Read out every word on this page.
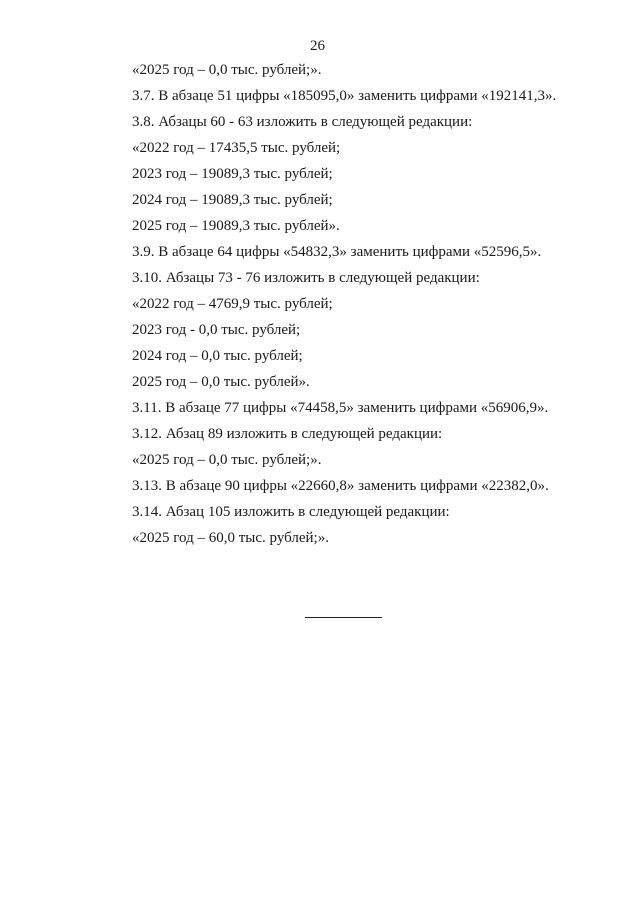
26
«2025 год – 0,0 тыс. рублей;».
3.7. В абзаце 51 цифры «185095,0» заменить цифрами «192141,3».
3.8. Абзацы 60 - 63 изложить в следующей редакции:
«2022 год – 17435,5 тыс. рублей;
2023 год – 19089,3 тыс. рублей;
2024 год – 19089,3 тыс. рублей;
2025 год – 19089,3 тыс. рублей».
3.9. В абзаце 64 цифры «54832,3» заменить цифрами «52596,5».
3.10. Абзацы 73 - 76 изложить в следующей редакции:
«2022 год – 4769,9 тыс. рублей;
2023 год - 0,0 тыс. рублей;
2024 год – 0,0 тыс. рублей;
2025 год – 0,0 тыс. рублей».
3.11. В абзаце 77 цифры «74458,5» заменить цифрами «56906,9».
3.12. Абзац 89 изложить в следующей редакции:
«2025 год – 0,0 тыс. рублей;».
3.13. В абзаце 90 цифры «22660,8» заменить цифрами «22382,0».
3.14. Абзац 105 изложить в следующей редакции:
«2025 год – 60,0 тыс. рублей;».
